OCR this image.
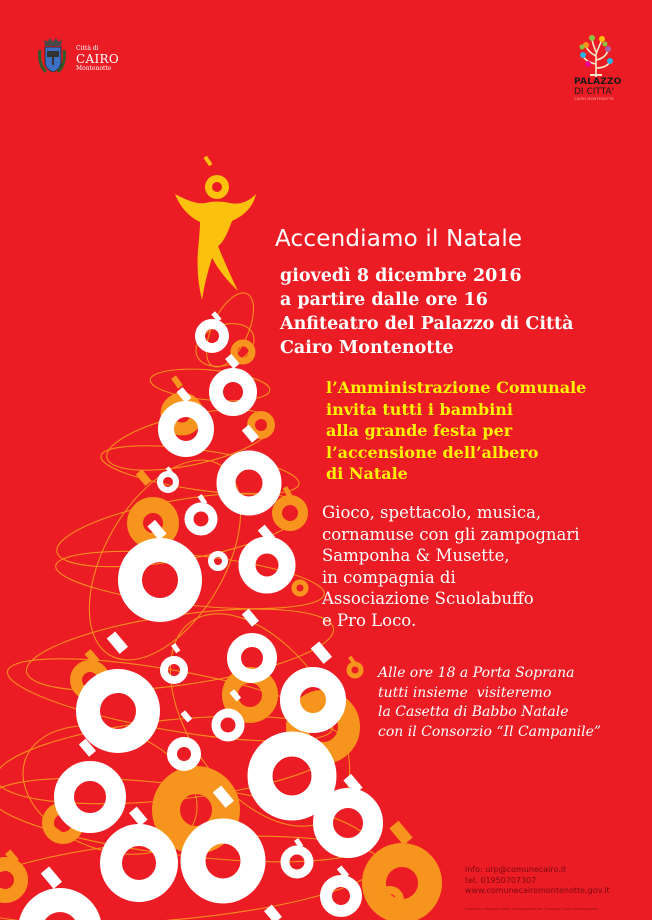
Città di
CAIRO
Montenotte
PALAZZO
DI CITTA'
CAIRO MONTENOTTE
Accendiamo il Natale
giovedì 8 dicembre 2016
a partire dalle ore 16
Anfiteatro del Palazzo di Città
Cairo Montenotte
l’Amministrazione Comunale
invita tutti i bambini
alla grande festa per
l’accensione dell’albero
di Natale
Gioco, spettacolo, musica,
cornamuse con gli zampognari
Samponha & Musette,
in compagnia di
Associazione Scuolabuffo
e Pro Loco.
Alle ore 18 a Porta Soprana
tutti insieme  visiteremo
la Casetta di Babbo Natale
con il Consorzio “Il Campanile”
info: urp@comunecairo.it
tel. 01950707307
www.comunecairomontenotte.gov.it
Grafica e stampa Area Comunicazione Comune Cairo Montenotte
